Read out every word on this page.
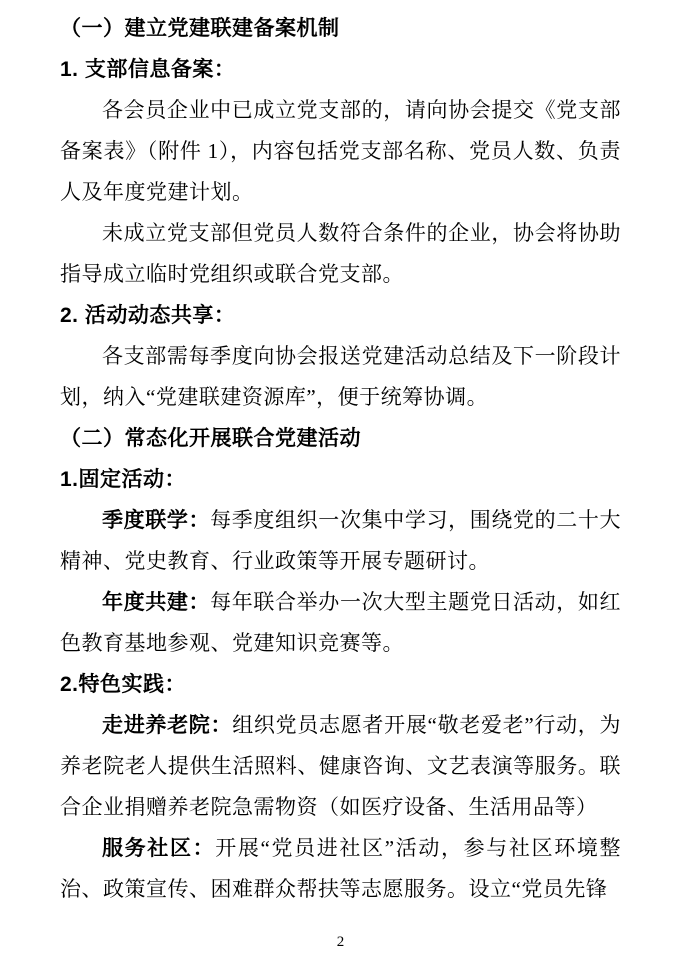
（一）建立党建联建备案机制

1. 支部信息备案：

各会员企业中已成立党支部的，请向协会提交《党支部备案表》（附件 1），内容包括党支部名称、党员人数、负责人及年度党建计划。

未成立党支部但党员人数符合条件的企业，协会将协助指导成立临时党组织或联合党支部。

2. 活动动态共享：

各支部需每季度向协会报送党建活动总结及下一阶段计划，纳入“党建联建资源库”，便于统筹协调。

（二）常态化开展联合党建活动

1.固定活动：

季度联学：每季度组织一次集中学习，围绕党的二十大精神、党史教育、行业政策等开展专题研讨。

年度共建：每年联合举办一次大型主题党日活动，如红色教育基地参观、党建知识竞赛等。

2.特色实践：

走进养老院：组织党员志愿者开展“敬老爱老”行动，为养老院老人提供生活照料、健康咨询、文艺表演等服务。联合企业捐赠养老院急需物资（如医疗设备、生活用品等）

服务社区：开展“党员进社区”活动，参与社区环境整治、政策宣传、困难群众帮扶等志愿服务。设立“党员先锋

2
